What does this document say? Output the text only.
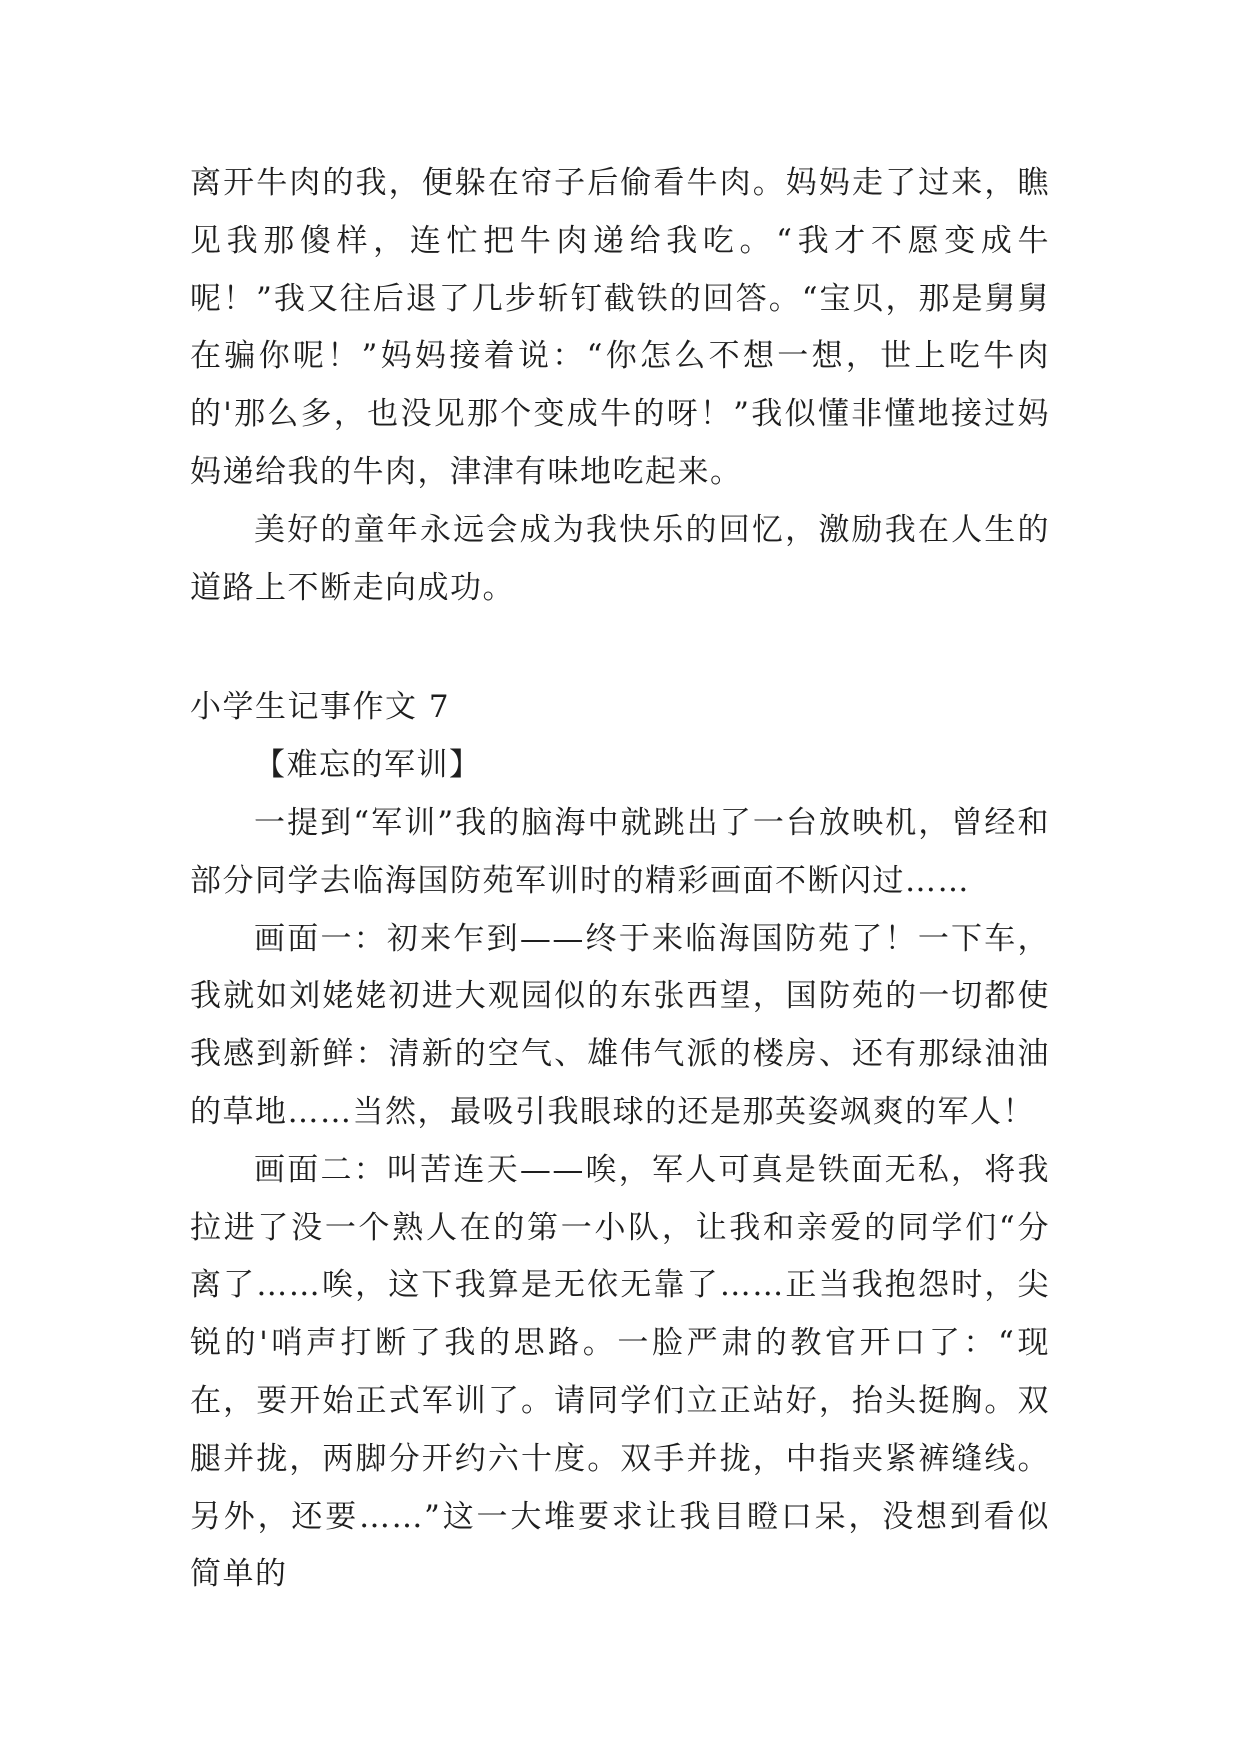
离开牛肉的我，便躲在帘子后偷看牛肉。妈妈走了过来，瞧见我那傻样，连忙把牛肉递给我吃。“我才不愿变成牛呢！”我又往后退了几步斩钉截铁的回答。“宝贝，那是舅舅在骗你呢！”妈妈接着说：“你怎么不想一想，世上吃牛肉的'那么多，也没见那个变成牛的呀！”我似懂非懂地接过妈妈递给我的牛肉，津津有味地吃起来。

美好的童年永远会成为我快乐的回忆，激励我在人生的道路上不断走向成功。

小学生记事作文 7

【难忘的军训】

一提到“军训”我的脑海中就跳出了一台放映机，曾经和部分同学去临海国防苑军训时的精彩画面不断闪过……

画面一：初来乍到——终于来临海国防苑了！一下车，我就如刘姥姥初进大观园似的东张西望，国防苑的一切都使我感到新鲜：清新的空气、雄伟气派的楼房、还有那绿油油的草地……当然，最吸引我眼球的还是那英姿飒爽的军人！

画面二：叫苦连天——唉，军人可真是铁面无私，将我拉进了没一个熟人在的第一小队，让我和亲爱的同学们“分离了……唉，这下我算是无依无靠了……正当我抱怨时，尖锐的'哨声打断了我的思路。一脸严肃的教官开口了：“现在，要开始正式军训了。请同学们立正站好，抬头挺胸。双腿并拢，两脚分开约六十度。双手并拢，中指夹紧裤缝线。另外，还要……”这一大堆要求让我目瞪口呆，没想到看似简单的
